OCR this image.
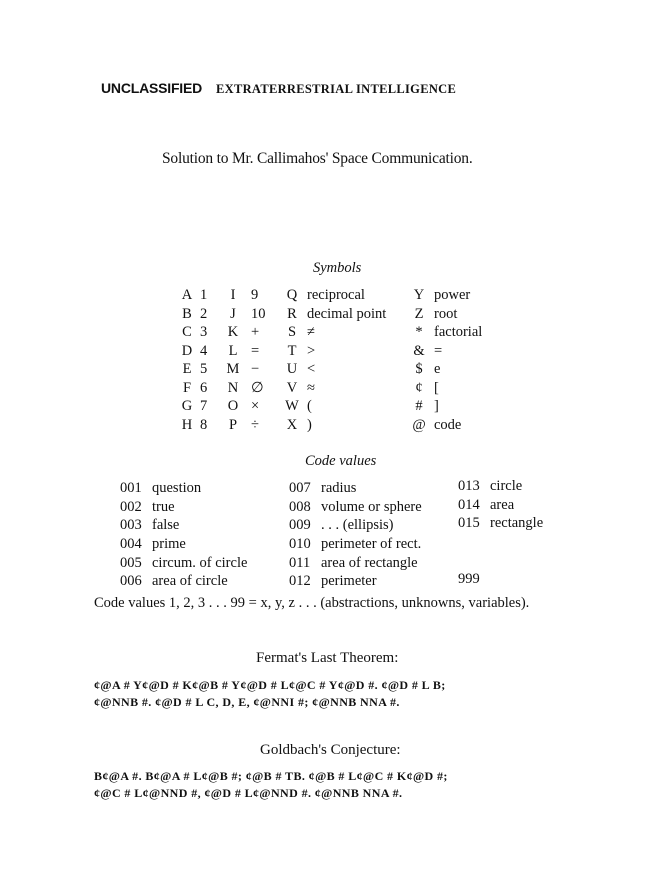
UNCLASSIFIED EXTRATERRESTRIAL INTELLIGENCE
Solution to Mr. Callimahos' Space Communication.
Symbols
A
B
C
D
E
F
G
H
1
2
3
4
5
6
7
8
I
J
K
L
M
N
O
P
9
10
+
=
−
∅
×
÷
Q
R
S
T
U
V
W
X
reciprocal
decimal point
≠
>
<
≈
(
)
Y
Z
*
&
$
¢
#
@
power
root
factorial
=
e
[
]
code
Code values
001 question
002 true
003 false
004 prime
005 circum. of circle
006 area of circle
007 radius
008 volume or sphere
009 . . . (ellipsis)
010 perimeter of rect.
011 area of rectangle
012 perimeter
013 circle
014 area
015 rectangle
999
Code values 1, 2, 3 . . . 99 = x, y, z . . . (abstractions, unknowns, variables).
Fermat's Last Theorem:
¢@A # Y¢@D # K¢@B # Y¢@D # L¢@C # Y¢@D #. ¢@D # L B;
¢@NNB #. ¢@D # L C, D, E, ¢@NNI #; ¢@NNB NNA #.
Goldbach's Conjecture:
B¢@A #. B¢@A # L¢@B #; ¢@B # TB. ¢@B # L¢@C # K¢@D #;
¢@C # L¢@NND #, ¢@D # L¢@NND #. ¢@NNB NNA #.
